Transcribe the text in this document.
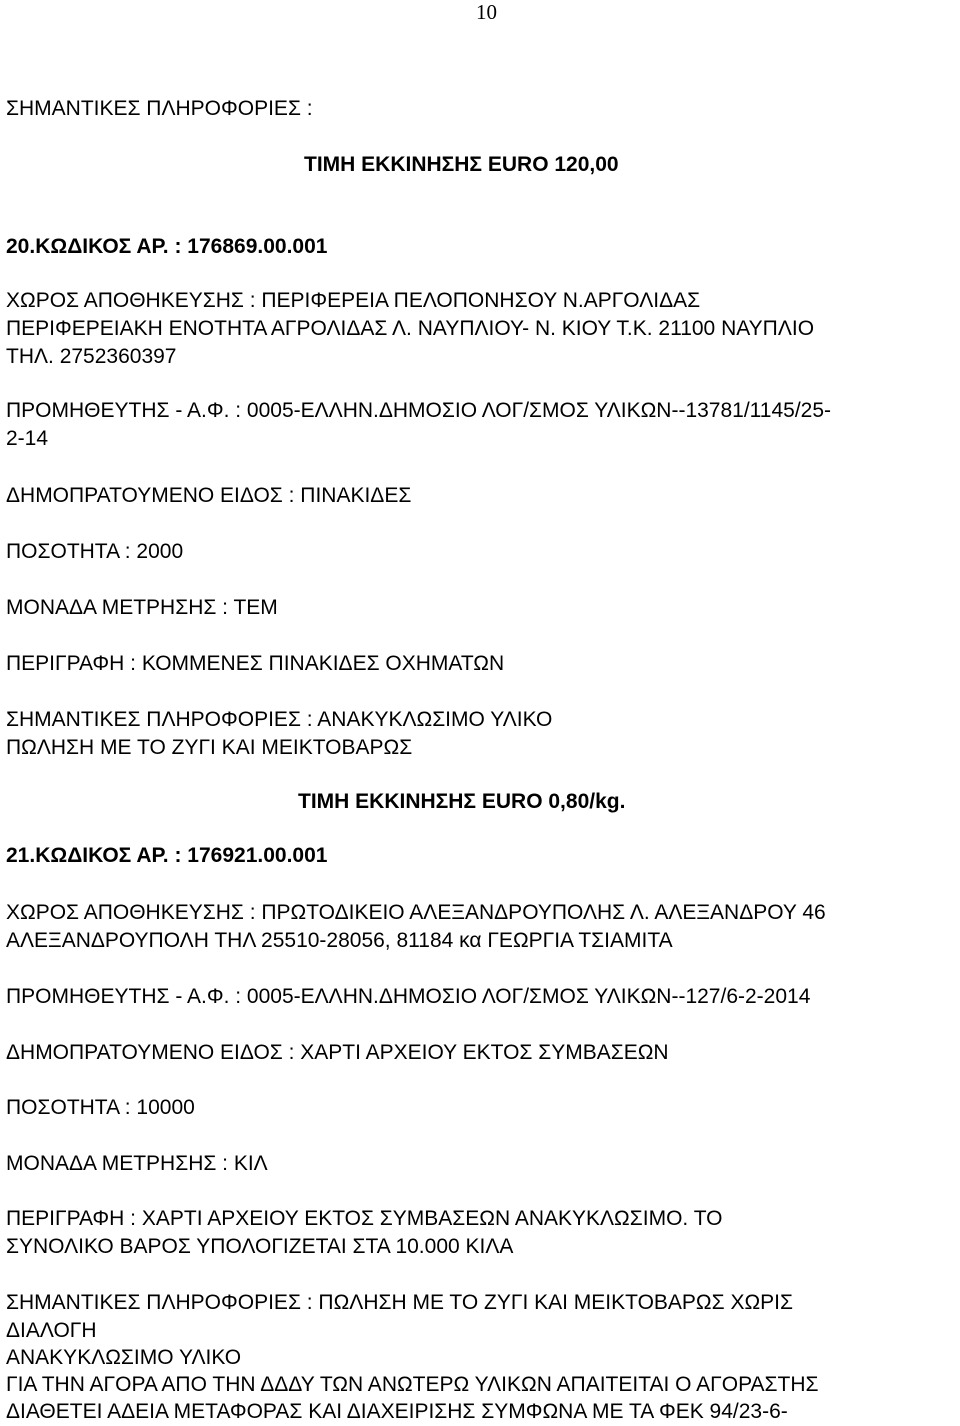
10
ΣΗΜΑΝΤΙΚΕΣ ΠΛΗΡΟΦΟΡΙΕΣ :
ΤΙΜΗ ΕΚΚΙΝΗΣΗΣ EURO 120,00
20.ΚΩΔΙΚΟΣ ΑΡ. : 176869.00.001
ΧΩΡΟΣ ΑΠΟΘΗΚΕΥΣΗΣ : ΠΕΡΙΦΕΡΕΙΑ ΠΕΛΟΠΟΝΗΣΟΥ Ν.ΑΡΓΟΛΙΔΑΣ
ΠΕΡΙΦΕΡΕΙΑΚΗ ΕΝΟΤΗΤΑ ΑΓΡΟΛΙΔΑΣ Λ. ΝΑΥΠΛΙΟΥ- Ν. ΚΙΟΥ Τ.Κ. 21100 ΝΑΥΠΛΙΟ
ΤΗΛ. 2752360397
ΠΡΟΜΗΘΕΥΤΗΣ - Α.Φ. : 0005-ΕΛΛΗΝ.ΔΗΜΟΣΙΟ ΛΟΓ/ΣΜΟΣ ΥΛΙΚΩΝ--13781/1145/25-
2-14
ΔΗΜΟΠΡΑΤΟΥΜΕΝΟ ΕΙΔΟΣ : ΠΙΝΑΚΙΔΕΣ
ΠΟΣΟΤΗΤΑ : 2000
ΜΟΝΑΔΑ ΜΕΤΡΗΣΗΣ : ΤΕΜ
ΠΕΡΙΓΡΑΦΗ : ΚΟΜΜΕΝΕΣ ΠΙΝΑΚΙΔΕΣ ΟΧΗΜΑΤΩΝ
ΣΗΜΑΝΤΙΚΕΣ ΠΛΗΡΟΦΟΡΙΕΣ : ΑΝΑΚΥΚΛΩΣΙΜΟ ΥΛΙΚΟ
ΠΩΛΗΣΗ ΜΕ ΤΟ ΖΥΓΙ ΚΑΙ ΜΕΙΚΤΟΒΑΡΩΣ
ΤΙΜΗ ΕΚΚΙΝΗΣΗΣ EURO 0,80/kg.
21.ΚΩΔΙΚΟΣ ΑΡ. : 176921.00.001
ΧΩΡΟΣ ΑΠΟΘΗΚΕΥΣΗΣ : ΠΡΩΤΟΔΙΚΕΙΟ ΑΛΕΞΑΝΔΡΟΥΠΟΛΗΣ Λ. ΑΛΕΞΑΝΔΡΟΥ 46
ΑΛΕΞΑΝΔΡΟΥΠΟΛΗ ΤΗΛ 25510-28056, 81184 κα ΓΕΩΡΓΙΑ ΤΣΙΑΜΙΤΑ
ΠΡΟΜΗΘΕΥΤΗΣ - Α.Φ. : 0005-ΕΛΛΗΝ.ΔΗΜΟΣΙΟ ΛΟΓ/ΣΜΟΣ ΥΛΙΚΩΝ--127/6-2-2014
ΔΗΜΟΠΡΑΤΟΥΜΕΝΟ ΕΙΔΟΣ : ΧΑΡΤΙ ΑΡΧΕΙΟΥ ΕΚΤΟΣ ΣΥΜΒΑΣΕΩΝ
ΠΟΣΟΤΗΤΑ : 10000
ΜΟΝΑΔΑ ΜΕΤΡΗΣΗΣ : ΚΙΛ
ΠΕΡΙΓΡΑΦΗ : ΧΑΡΤΙ ΑΡΧΕΙΟΥ ΕΚΤΟΣ ΣΥΜΒΑΣΕΩΝ ΑΝΑΚΥΚΛΩΣΙΜΟ. ΤΟ
ΣΥΝΟΛΙΚΟ ΒΑΡΟΣ ΥΠΟΛΟΓΙΖΕΤΑΙ ΣΤΑ 10.000 ΚΙΛΑ
ΣΗΜΑΝΤΙΚΕΣ ΠΛΗΡΟΦΟΡΙΕΣ : ΠΩΛΗΣΗ ΜΕ ΤΟ ΖΥΓΙ ΚΑΙ ΜΕΙΚΤΟΒΑΡΩΣ ΧΩΡΙΣ
ΔΙΑΛΟΓΗ
ΑΝΑΚΥΚΛΩΣΙΜΟ ΥΛΙΚΟ
ΓΙΑ ΤΗΝ ΑΓΟΡΑ ΑΠΟ ΤΗΝ ΔΔΔΥ ΤΩΝ ΑΝΩΤΕΡΩ ΥΛΙΚΩΝ ΑΠΑΙΤΕΙΤΑΙ Ο ΑΓΟΡΑΣΤΗΣ
ΔΙΑΘΕΤΕΙ ΑΔΕΙΑ ΜΕΤΑΦΟΡΑΣ ΚΑΙ ΔΙΑΧΕΙΡΙΣΗΣ ΣΥΜΦΩΝΑ ΜΕ ΤΑ ΦΕΚ 94/23-6-
